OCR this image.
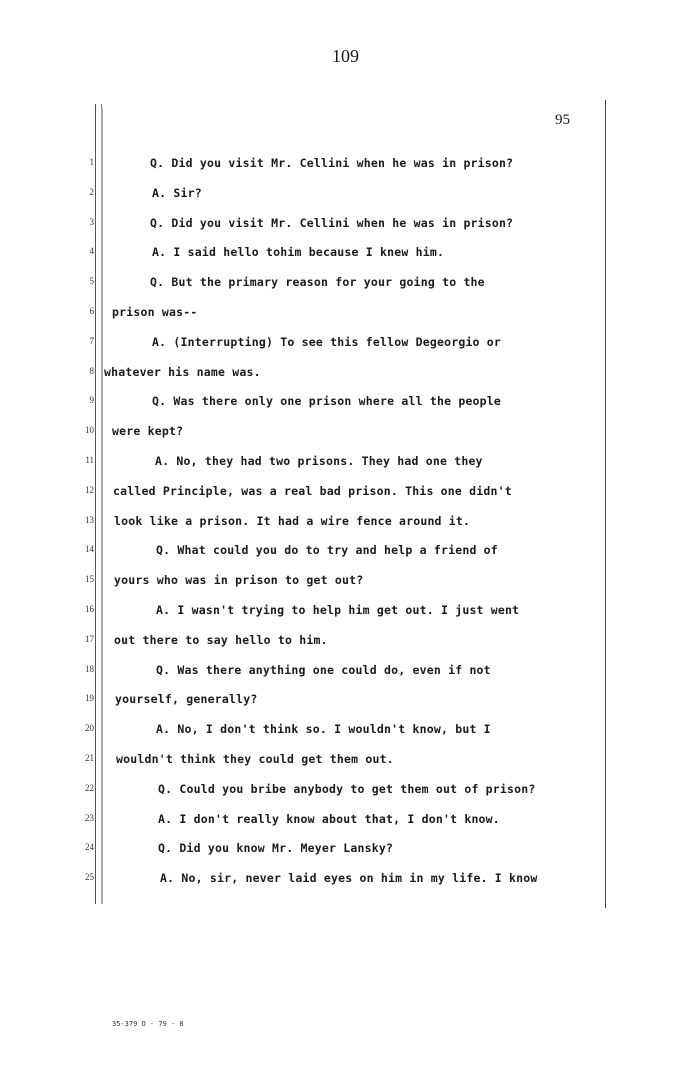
109
95
1	Q. Did you visit Mr. Cellini when he was in prison?
2	A. Sir?
3	Q. Did you visit Mr. Cellini when he was in prison?
4	A. I said hello tohim because I knew him.
5	Q. But the primary reason for your going to the
6 prison was--
7	A. (Interrupting) To see this fellow Degeorgio or
8 whatever his name was.
9	Q. Was there only one prison where all the people
10 were kept?
11	A. No, they had two prisons. They had one they
12 called Principle, was a real bad prison. This one didn't
13 look like a prison. It had a wire fence around it.
14	Q. What could you do to try and help a friend of
15 yours who was in prison to get out?
16	A. I wasn't trying to help him get out. I just went
17 out there to say hello to him.
18	Q. Was there anything one could do, even if not
19 yourself, generally?
20	A. No, I don't think so. I wouldn't know, but I
21 wouldn't think they could get them out.
22	Q. Could you bribe anybody to get them out of prison?
23	A. I don't really know about that, I don't know.
24	Q. Did you know Mr. Meyer Lansky?
25	A. No, sir, never laid eyes on him in my life. I know
35-379 O - 79 - 8
